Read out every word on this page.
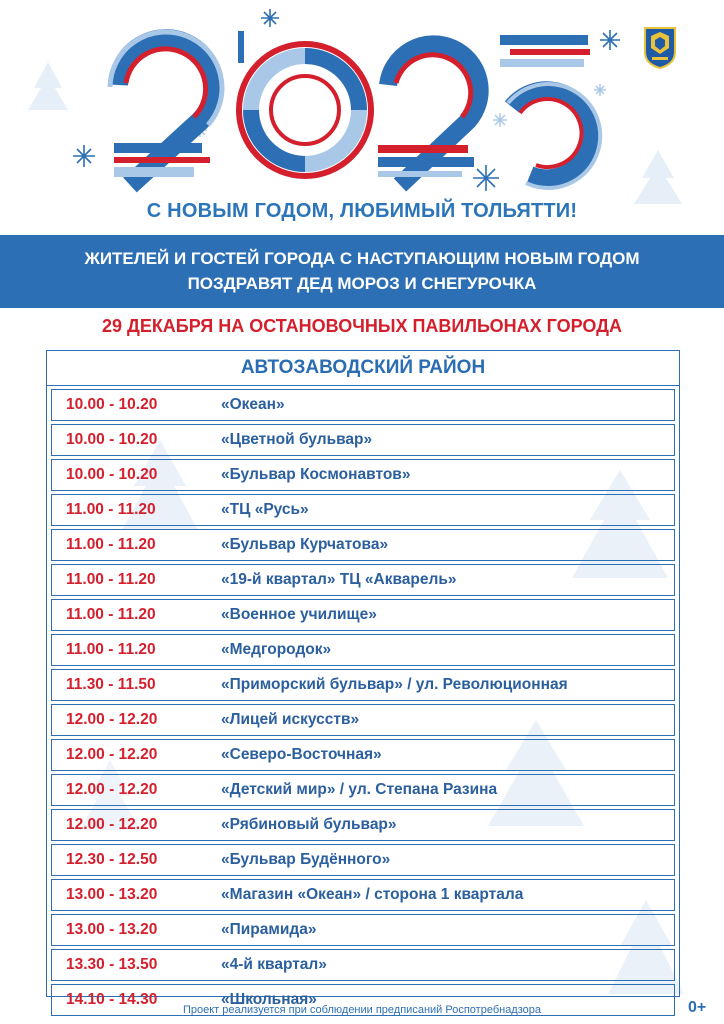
С НОВЫМ ГОДОМ, ЛЮБИМЫЙ ТОЛЬЯТТИ!
ЖИТЕЛЕЙ И ГОСТЕЙ ГОРОДА С НАСТУПАЮЩИМ НОВЫМ ГОДОМ
ПОЗДРАВЯТ ДЕД МОРОЗ И СНЕГУРОЧКА
29 ДЕКАБРЯ НА ОСТАНОВОЧНЫХ ПАВИЛЬОНАХ ГОРОДА
АВТОЗАВОДСКИЙ РАЙОН
10.00 - 10.20	«Океан»
10.00 - 10.20	«Цветной бульвар»
10.00 - 10.20	«Бульвар Космонавтов»
11.00 - 11.20	«ТЦ «Русь»
11.00 - 11.20	«Бульвар Курчатова»
11.00 - 11.20	«19-й квартал» ТЦ «Акварель»
11.00 - 11.20	«Военное училище»
11.00 - 11.20	«Медгородок»
11.30 - 11.50	«Приморский бульвар» / ул. Революционная
12.00 - 12.20	«Лицей искусств»
12.00 - 12.20	«Северо-Восточная»
12.00 - 12.20	«Детский мир» / ул. Степана Разина
12.00 - 12.20	«Рябиновый бульвар»
12.30 - 12.50	«Бульвар Будённого»
13.00 - 13.20	«Магазин «Океан» / сторона 1 квартала
13.00 - 13.20	«Пирамида»
13.30 - 13.50	«4-й квартал»
14.10 - 14.30	«Школьная»
Проект реализуется при соблюдении предписаний Роспотребнадзора	0+
